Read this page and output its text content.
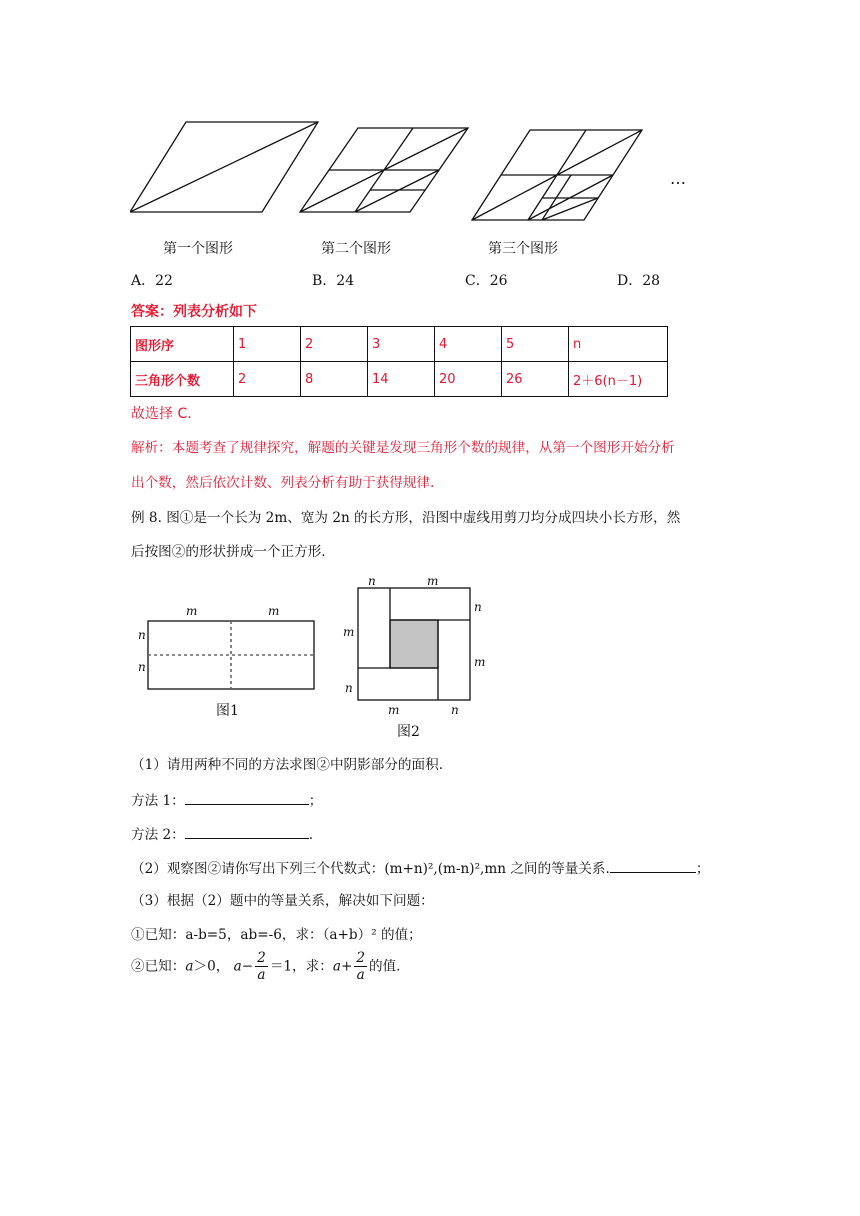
…
第一个图形	第二个图形	第三个图形
A．22	B．24	C．26	D．28
答案：列表分析如下
图形序	1	2	3	4	5	n
三角形个数	2	8	14	20	26	2＋6(n－1)
故选择 C.
解析：本题考查了规律探究，解题的关键是发现三角形个数的规律，从第一个图形开始分析
出个数，然后依次计数、列表分析有助于获得规律.
例 8. 图①是一个长为 2m、宽为 2n 的长方形，沿图中虚线用剪刀均分成四块小长方形，然
后按图②的形状拼成一个正方形.
m	m
n
n
图1
n	m
n
m
m
n
m	n
图2
（1）请用两种不同的方法求图②中阴影部分的面积.
方法 1：	；
方法 2：	.
（2）观察图②请你写出下列三个代数式：(m+n)²,(m-n)²,mn 之间的等量关系.	；
（3）根据（2）题中的等量关系，解决如下问题：
①已知：a-b=5，ab=-6，求：（a+b）² 的值；
②已知：a＞0， $a- \frac{2}{a} =1$，求：$a+ \frac{2}{a}$ 的值.
